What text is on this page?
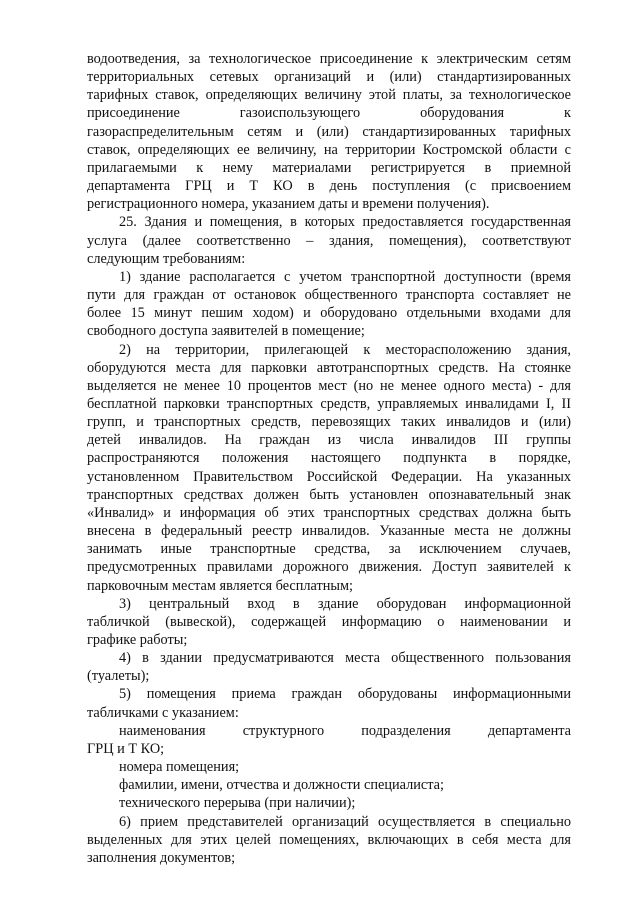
водоотведения, за технологическое присоединение к электрическим сетям
территориальных сетевых организаций и (или) стандартизированных
тарифных ставок, определяющих величину этой платы, за технологическое
присоединение газоиспользующего оборудования к
газораспределительным сетям и (или) стандартизированных тарифных
ставок, определяющих ее величину, на территории Костромской области с
прилагаемыми к нему материалами регистрируется в приемной
департамента ГРЦ и Т КО в день поступления (с присвоением
регистрационного номера, указанием даты и времени получения).
25. Здания и помещения, в которых предоставляется государственная
услуга (далее соответственно – здания, помещения), соответствуют
следующим требованиям:
1) здание располагается с учетом транспортной доступности (время
пути для граждан от остановок общественного транспорта составляет не
более 15 минут пешим ходом) и оборудовано отдельными входами для
свободного доступа заявителей в помещение;
2) на территории, прилегающей к месторасположению здания,
оборудуются места для парковки автотранспортных средств. На стоянке
выделяется не менее 10 процентов мест (но не менее одного места) - для
бесплатной парковки транспортных средств, управляемых инвалидами I, II
групп, и транспортных средств, перевозящих таких инвалидов и (или)
детей инвалидов. На граждан из числа инвалидов III группы
распространяются положения настоящего подпункта в порядке,
установленном Правительством Российской Федерации. На указанных
транспортных средствах должен быть установлен опознавательный знак
«Инвалид» и информация об этих транспортных средствах должна быть
внесена в федеральный реестр инвалидов. Указанные места не должны
занимать иные транспортные средства, за исключением случаев,
предусмотренных правилами дорожного движения. Доступ заявителей к
парковочным местам является бесплатным;
3) центральный вход в здание оборудован информационной
табличкой (вывеской), содержащей информацию о наименовании и
графике работы;
4) в здании предусматриваются места общественного пользования
(туалеты);
5) помещения приема граждан оборудованы информационными
табличками с указанием:
наименования структурного подразделения департамента
ГРЦ и Т КО;
номера помещения;
фамилии, имени, отчества и должности специалиста;
технического перерыва (при наличии);
6) прием представителей организаций осуществляется в специально
выделенных для этих целей помещениях, включающих в себя места для
заполнения документов;
